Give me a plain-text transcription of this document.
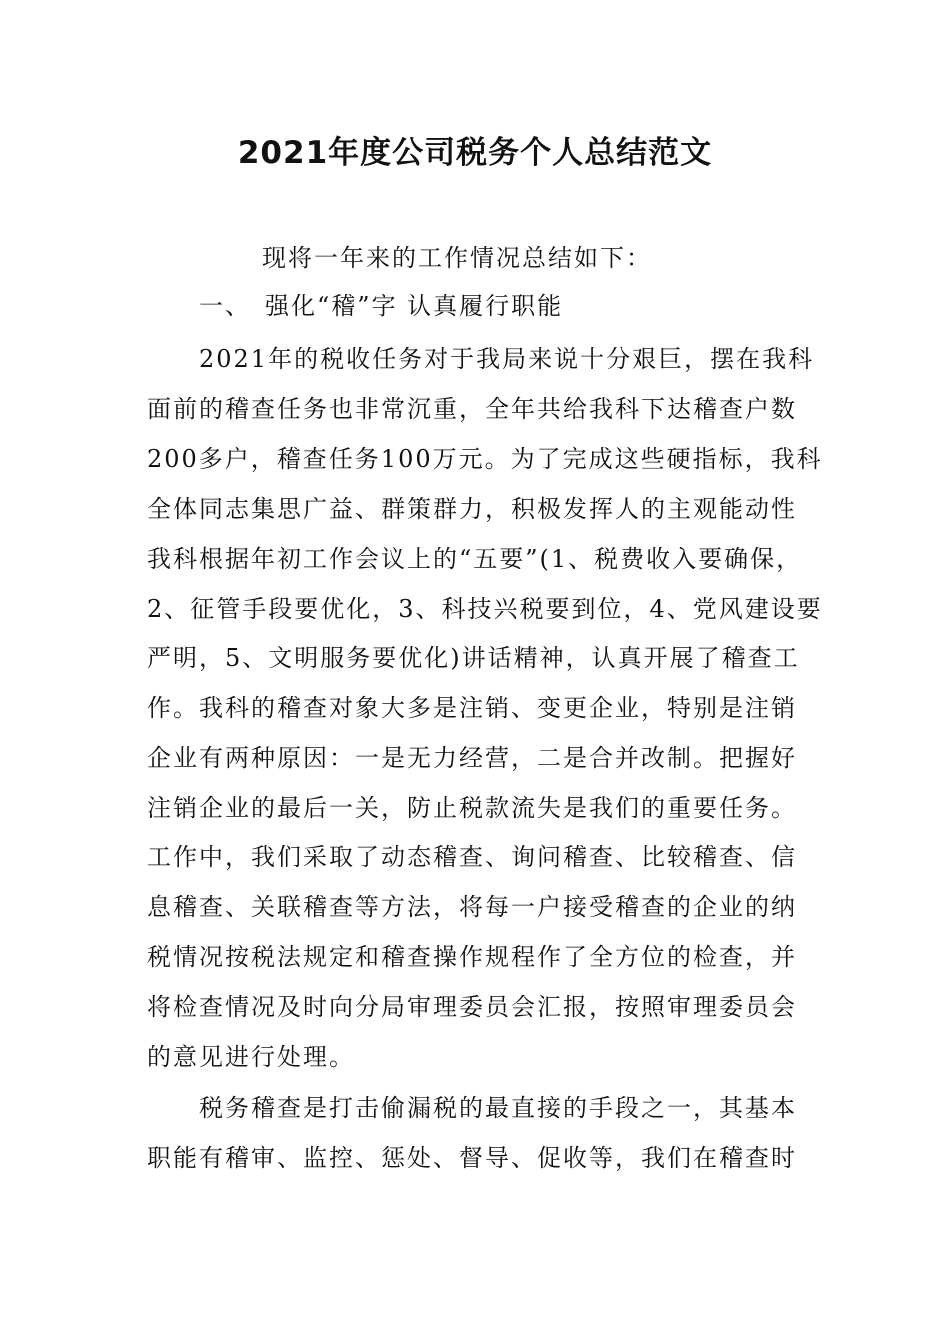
2021年度公司税务个人总结范文

现将一年来的工作情况总结如下：

一、　强化“稽”字 认真履行职能

2021年的税收任务对于我局来说十分艰巨，摆在我科

面前的稽查任务也非常沉重，全年共给我科下达稽查户数

200多户，稽查任务100万元。为了完成这些硬指标，我科

全体同志集思广益、群策群力，积极发挥人的主观能动性

我科根据年初工作会议上的“五要”(1、税费收入要确保，

2、征管手段要优化，3、科技兴税要到位，4、党风建设要

严明，5、文明服务要优化)讲话精神，认真开展了稽查工

作。我科的稽查对象大多是注销、变更企业，特别是注销

企业有两种原因：一是无力经营，二是合并改制。把握好

注销企业的最后一关，防止税款流失是我们的重要任务。

工作中，我们采取了动态稽查、询问稽查、比较稽查、信

息稽查、关联稽查等方法，将每一户接受稽查的企业的纳

税情况按税法规定和稽查操作规程作了全方位的检查，并

将检查情况及时向分局审理委员会汇报，按照审理委员会

的意见进行处理。

税务稽查是打击偷漏税的最直接的手段之一，其基本

职能有稽审、监控、惩处、督导、促收等，我们在稽查时
